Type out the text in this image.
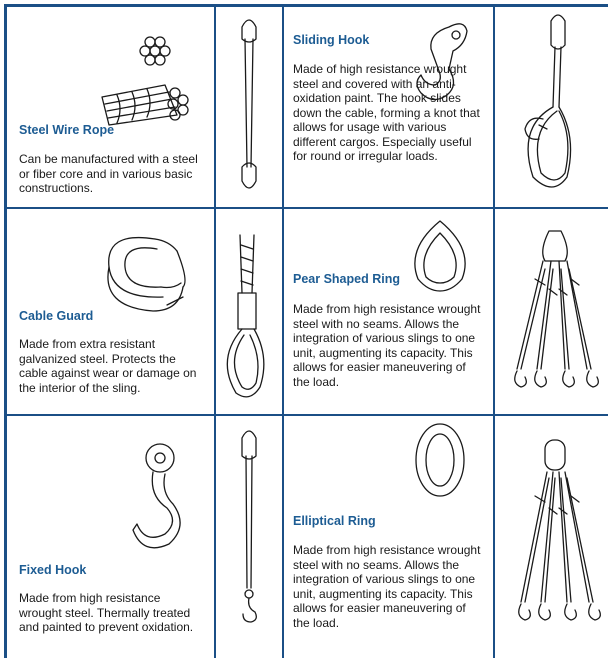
Steel Wire Rope

Can be manufactured with a steel or fiber core and in various basic constructions.

Sliding Hook

Made of high resistance wrought steel and covered with an anti-oxidation paint. The hook slides down the cable, forming a knot that allows for usage with various different cargos. Especially useful for round or irregular loads.

Cable Guard

Made from extra resistant galvanized steel. Protects the cable against wear or damage on the interior of the sling.

Pear Shaped Ring

Made from high resistance wrought steel with no seams. Allows the integration of various slings to one unit, augmenting its capacity. This allows for easier maneuvering of the load.

Fixed Hook

Made from high resistance wrought steel. Thermally treated and painted to prevent oxidation.

Elliptical Ring

Made from high resistance wrought steel with no seams. Allows the integration of various slings to one unit, augmenting its capacity. This allows for easier maneuvering of the load.
